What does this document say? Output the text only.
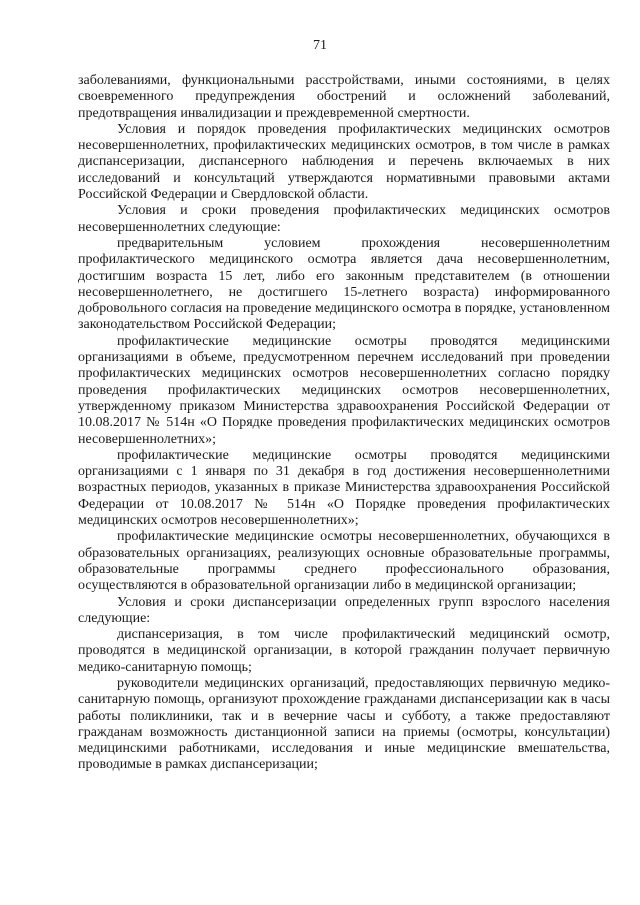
71

заболеваниями, функциональными расстройствами, иными состояниями, в целях своевременного предупреждения обострений и осложнений заболеваний, предотвращения инвалидизации и преждевременной смертности.

Условия и порядок проведения профилактических медицинских осмотров несовершеннолетних, профилактических медицинских осмотров, в том числе в рамках диспансеризации, диспансерного наблюдения и перечень включаемых в них исследований и консультаций утверждаются нормативными правовыми актами Российской Федерации и Свердловской области.

Условия и сроки проведения профилактических медицинских осмотров несовершеннолетних следующие:

предварительным условием прохождения несовершеннолетним профилактического медицинского осмотра является дача несовершеннолетним, достигшим возраста 15 лет, либо его законным представителем (в отношении несовершеннолетнего, не достигшего 15-летнего возраста) информированного добровольного согласия на проведение медицинского осмотра в порядке, установленном законодательством Российской Федерации;

профилактические медицинские осмотры проводятся медицинскими организациями в объеме, предусмотренном перечнем исследований при проведении профилактических медицинских осмотров несовершеннолетних согласно порядку проведения профилактических медицинских осмотров несовершеннолетних, утвержденному приказом Министерства здравоохранения Российской Федерации от 10.08.2017 № 514н «О Порядке проведения профилактических медицинских осмотров несовершеннолетних»;

профилактические медицинские осмотры проводятся медицинскими организациями с 1 января по 31 декабря в год достижения несовершеннолетними возрастных периодов, указанных в приказе Министерства здравоохранения Российской Федерации от 10.08.2017 № 514н «О Порядке проведения профилактических медицинских осмотров несовершеннолетних»;

профилактические медицинские осмотры несовершеннолетних, обучающихся в образовательных организациях, реализующих основные образовательные программы, образовательные программы среднего профессионального образования, осуществляются в образовательной организации либо в медицинской организации;

Условия и сроки диспансеризации определенных групп взрослого населения следующие:

диспансеризация, в том числе профилактический медицинский осмотр, проводятся в медицинской организации, в которой гражданин получает первичную медико-санитарную помощь;

руководители медицинских организаций, предоставляющих первичную медико-санитарную помощь, организуют прохождение гражданами диспансеризации как в часы работы поликлиники, так и в вечерние часы и субботу, а также предоставляют гражданам возможность дистанционной записи на приемы (осмотры, консультации) медицинскими работниками, исследования и иные медицинские вмешательства, проводимые в рамках диспансеризации;
